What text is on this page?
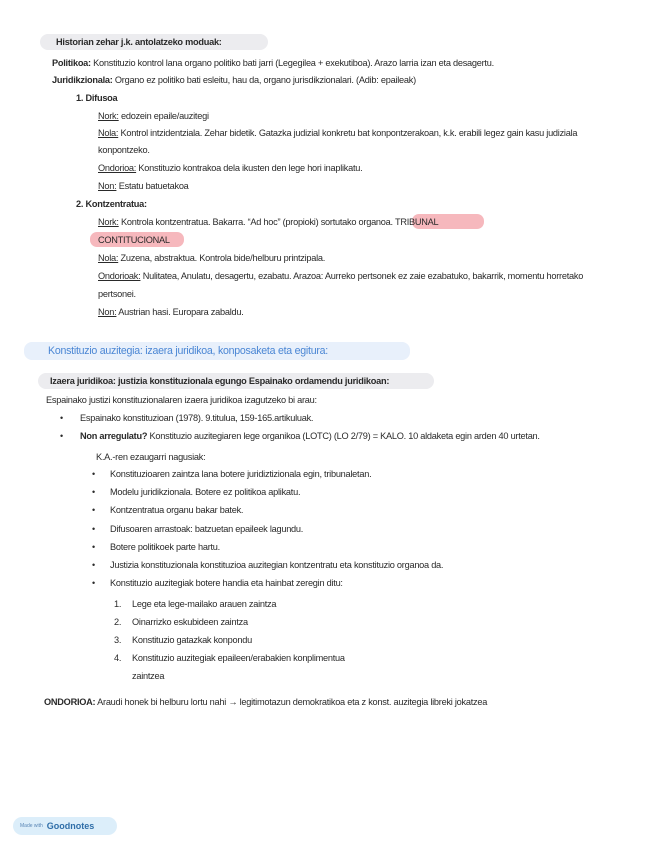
Historian zehar j.k. antolatzeko moduak:
Politikoa: Konstituzio kontrol lana organo politiko bati jarri (Legegilea + exekutiboa). Arazo larria izan eta desagertu.
Juridikzionala: Organo ez politiko bati esleitu, hau da, organo jurisdikzionalari. (Adib: epaileak)
1. Difusoa
Nork: edozein epaile/auzitegi
Nola: Kontrol intzidentziala. Zehar bidetik. Gatazka judizial konkretu bat konpontzerakoan, k.k. erabili legez gain kasu judiziala
konpontzeko.
Ondorioa: Konstituzio kontrakoa dela ikusten den lege hori inaplikatu.
Non: Estatu batuetakoa
2. Kontzentratua:
Nork: Kontrola kontzentratua. Bakarra. “Ad hoc” (propioki) sortutako organoa. TRIBUNAL
CONTITUCIONAL
Nola: Zuzena, abstraktua. Kontrola bide/helburu printzipala.
Ondorioak: Nulitatea, Anulatu, desagertu, ezabatu. Arazoa: Aurreko pertsonek ez zaie ezabatuko, bakarrik, momentu horretako
pertsonei.
Non: Austrian hasi. Europara zabaldu.
Konstituzio auzitegia: izaera juridikoa, konposaketa eta egitura:
Izaera juridikoa: justizia konstituzionala egungo Espainako ordamendu juridikoan:
Espainako justizi konstituzionalaren izaera juridikoa izagutzeko bi arau:
• Espainako konstituzioan (1978). 9.titulua, 159-165.artikuluak.
• Non arregulatu? Konstituzio auzitegiaren lege organikoa (LOTC) (LO 2/79) = KALO. 10 aldaketa egin arden 40 urtetan.
K.A.-ren ezaugarri nagusiak:
• Konstituzioaren zaintza lana botere juridiztizionala egin, tribunaletan.
• Modelu juridikzionala. Botere ez politikoa aplikatu.
• Kontzentratua organu bakar batek.
• Difusoaren arrastoak: batzuetan epaileek lagundu.
• Botere politikoek parte hartu.
• Justizia konstituzionala konstituzioa auzitegian kontzentratu eta konstituzio organoa da.
• Konstituzio auzitegiak botere handia eta hainbat zeregin ditu:
1. Lege eta lege-mailako arauen zaintza
2. Oinarrizko eskubideen zaintza
3. Konstituzio gatazkak konpondu
4. Konstituzio auzitegiak epaileen/erabakien konplimentua
zaintzea
ONDORIOA: Araudi honek bi helburu lortu nahi → legitimotazun demokratikoa eta z konst. auzitegia libreki jokatzea
Made with Goodnotes
